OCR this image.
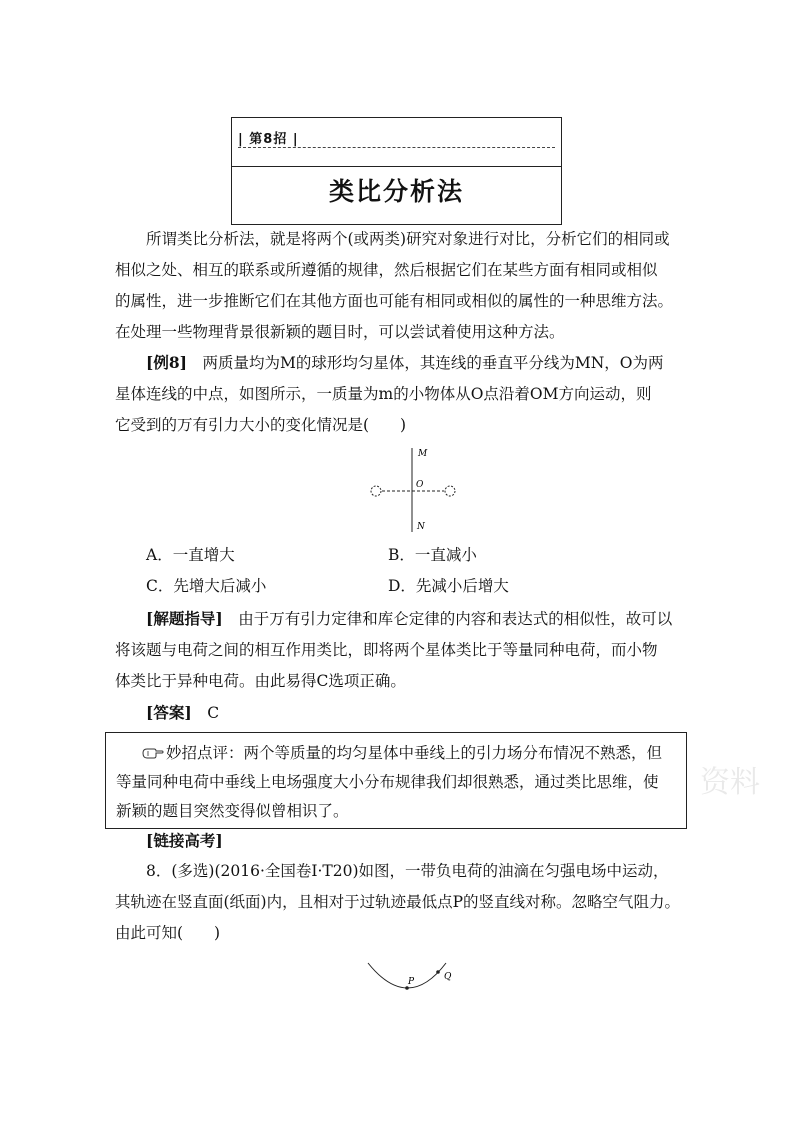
| 第8招 |
类比分析法

所谓类比分析法，就是将两个(或两类)研究对象进行对比，分析它们的相同或

相似之处、相互的联系或所遵循的规律，然后根据它们在某些方面有相同或相似

的属性，进一步推断它们在其他方面也可能有相同或相似的属性的一种思维方法。

在处理一些物理背景很新颖的题目时，可以尝试着使用这种方法。

[例8]　 两质量均为M的球形均匀星体，其连线的垂直平分线为MN，O为两

星体连线的中点，如图所示，一质量为m的小物体从O点沿着OM方向运动，则

它受到的万有引力大小的变化情况是(　　)

M
O
N
A．一直增大	B．一直减小
C．先增大后减小	D．先减小后增大

[解题指导]　 由于万有引力定律和库仑定律的内容和表达式的相似性，故可以

将该题与电荷之间的相互作用类比，即将两个星体类比于等量同种电荷，而小物

体类比于异种电荷。由此易得C选项正确。

[答案]　 C

妙招点评：两个等质量的均匀星体中垂线上的引力场分布情况不熟悉，但

等量同种电荷中垂线上电场强度大小分布规律我们却很熟悉，通过类比思维，使

新颖的题目突然变得似曾相识了。

资料

[链接高考]

8．(多选)(2016·全国卷Ⅰ·T20)如图，一带负电荷的油滴在匀强电场中运动，

其轨迹在竖直面(纸面)内，且相对于过轨迹最低点P的竖直线对称。忽略空气阻力。

由此可知(　　)

P	Q
